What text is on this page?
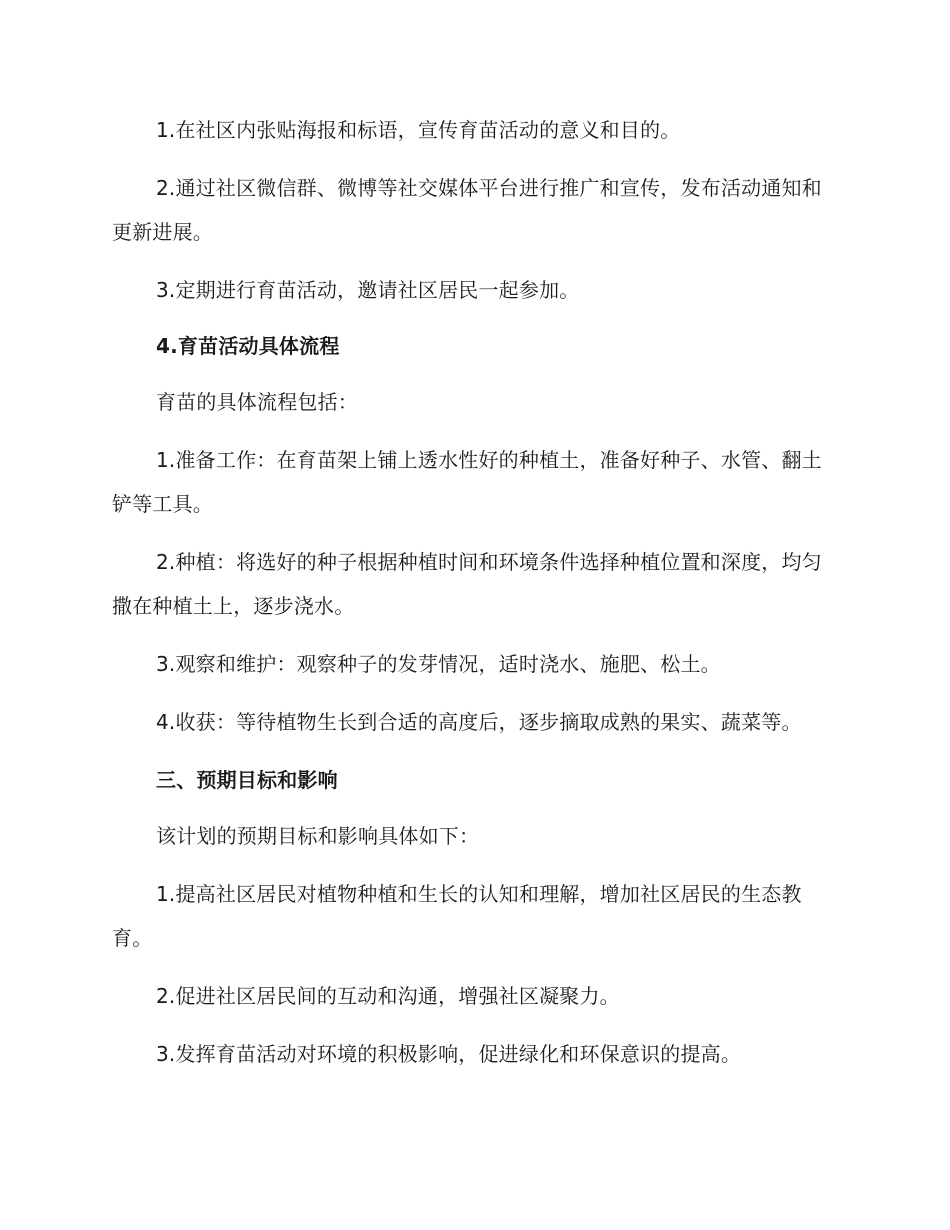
1.在社区内张贴海报和标语，宣传育苗活动的意义和目的。

2.通过社区微信群、微博等社交媒体平台进行推广和宣传，发布活动通知和更新进展。

3.定期进行育苗活动，邀请社区居民一起参加。

4.育苗活动具体流程

育苗的具体流程包括：

1.准备工作：在育苗架上铺上透水性好的种植土，准备好种子、水管、翻土铲等工具。

2.种植：将选好的种子根据种植时间和环境条件选择种植位置和深度，均匀撒在种植土上，逐步浇水。

3.观察和维护：观察种子的发芽情况，适时浇水、施肥、松土。

4.收获：等待植物生长到合适的高度后，逐步摘取成熟的果实、蔬菜等。

三、预期目标和影响

该计划的预期目标和影响具体如下：

1.提高社区居民对植物种植和生长的认知和理解，增加社区居民的生态教育。

2.促进社区居民间的互动和沟通，增强社区凝聚力。

3.发挥育苗活动对环境的积极影响，促进绿化和环保意识的提高。
